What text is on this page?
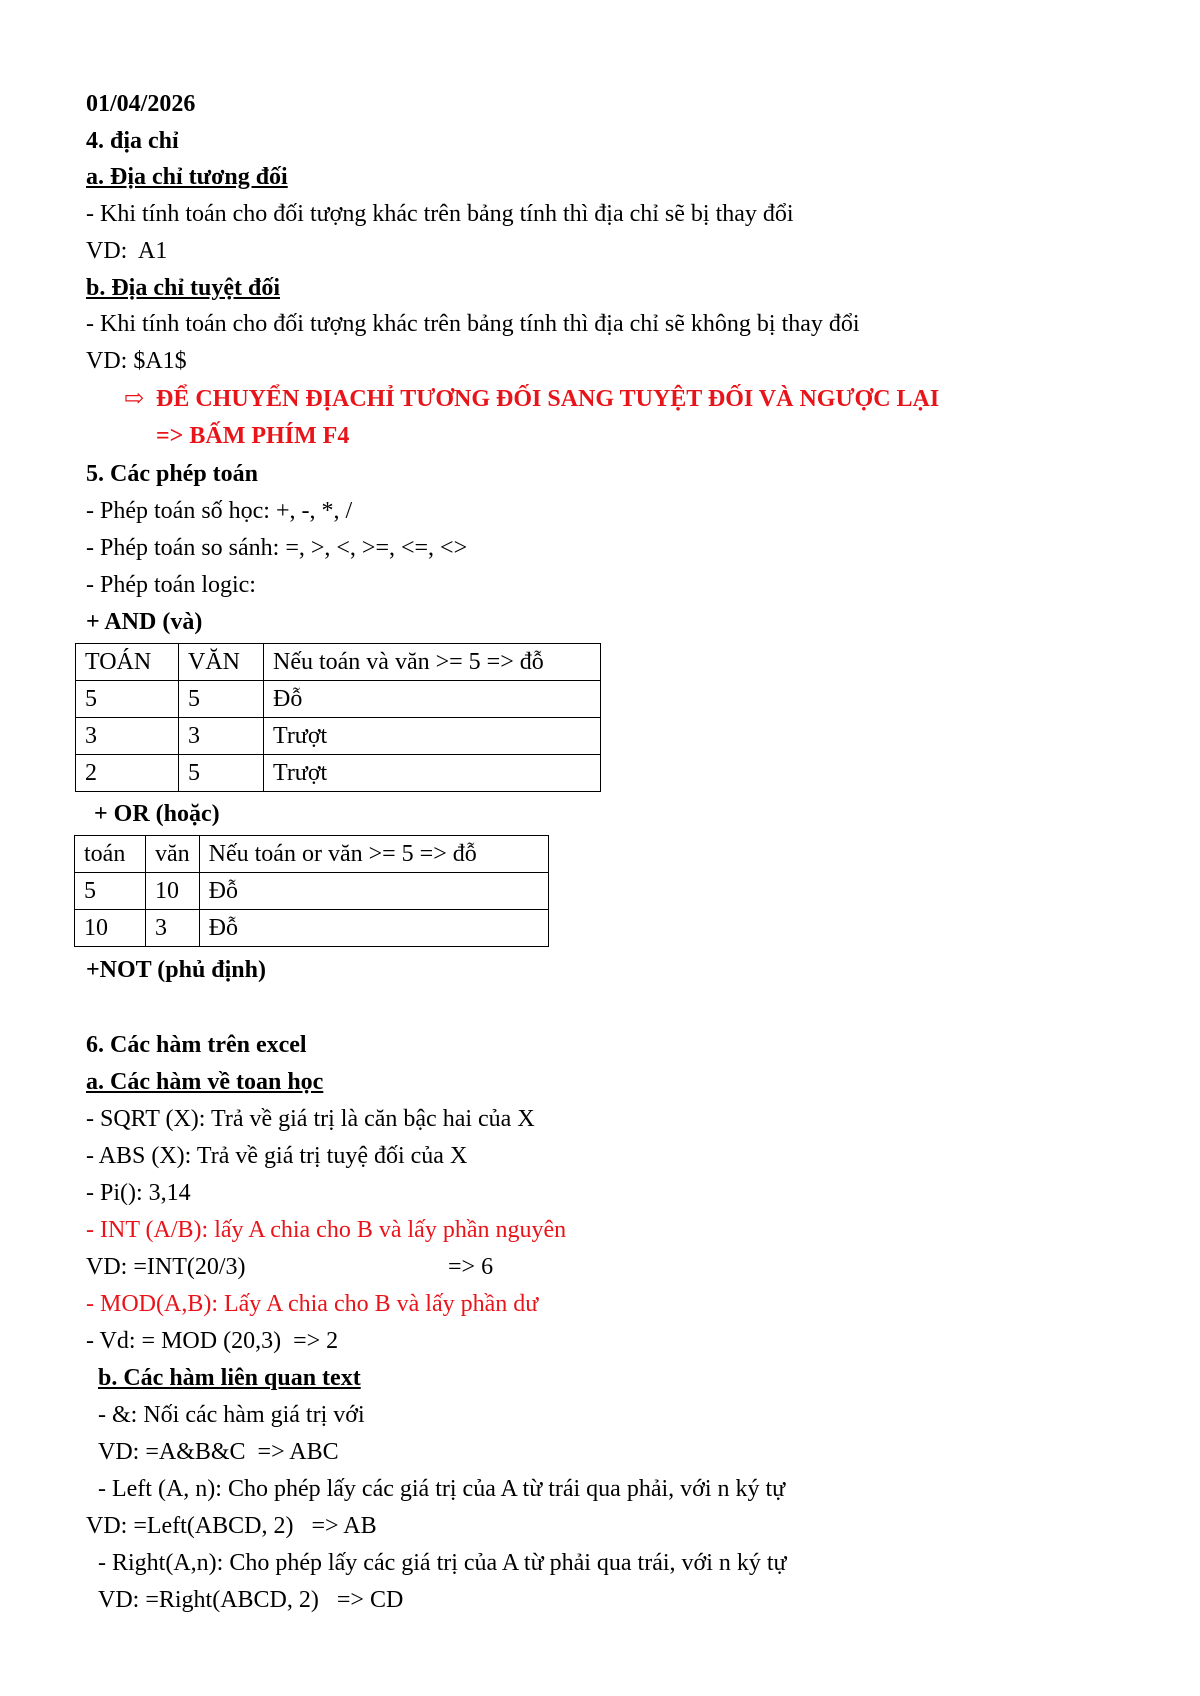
01/04/2026
4. địa chỉ
a. Địa chỉ tương đối
- Khi tính toán cho đối tượng khác trên bảng tính thì địa chỉ sẽ bị thay đổi
VD:  A1
b. Địa chỉ tuyệt đối
- Khi tính toán cho đối tượng khác trên bảng tính thì địa chỉ sẽ không bị thay đổi
VD: $A1$
⇨ ĐỂ CHUYỂN ĐỊACHỈ TƯƠNG ĐỐI SANG TUYỆT ĐỐI VÀ NGƯỢC LẠI
=> BẤM PHÍM F4
5. Các phép toán
- Phép toán số học: +, -, *, /
- Phép toán so sánh: =, >, <, >=, <=, <>
- Phép toán logic:
+ AND (và)
TOÁN	VĂN	Nếu toán và văn >= 5 => đỗ
5	5	Đỗ
3	3	Trượt
2	5	Trượt
+ OR (hoặc)
toán	văn	Nếu toán or văn >= 5 => đỗ
5	10	Đỗ
10	3	Đỗ
+NOT (phủ định)
6. Các hàm trên excel
a. Các hàm về toan học
- SQRT (X): Trả về giá trị là căn bậc hai của X
- ABS (X): Trả về giá trị tuyệ đối của X
- Pi(): 3,14
- INT (A/B): lấy A chia cho B và lấy phần nguyên
VD: =INT(20/3)	=> 6
- MOD(A,B): Lấy A chia cho B và lấy phần dư
- Vd: = MOD (20,3)  => 2
b. Các hàm liên quan text
- &: Nối các hàm giá trị với
VD: =A&B&C  => ABC
- Left (A, n): Cho phép lấy các giá trị của A từ trái qua phải, với n ký tự
VD: =Left(ABCD, 2)   => AB
- Right(A,n): Cho phép lấy các giá trị của A từ phải qua trái, với n ký tự
VD: =Right(ABCD, 2)   => CD
